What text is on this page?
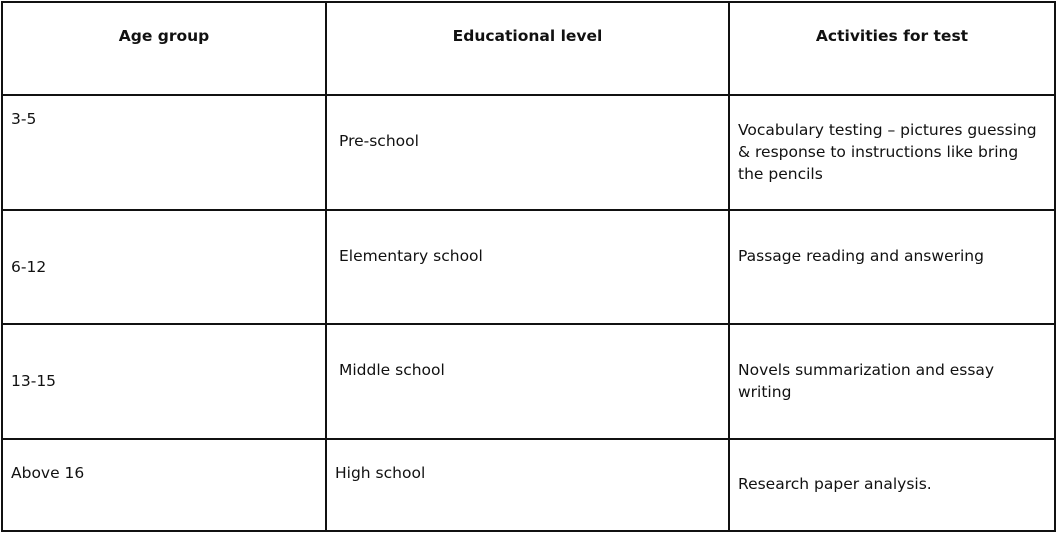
Age group	Educational level	Activities for test

3-5	Pre-school	Vocabulary testing – pictures guessing & response to instructions like bring the pencils

6-12	Elementary school	Passage reading and answering

13-15	Middle school	Novels summarization and essay writing

Above 16	High school	Research paper analysis.
